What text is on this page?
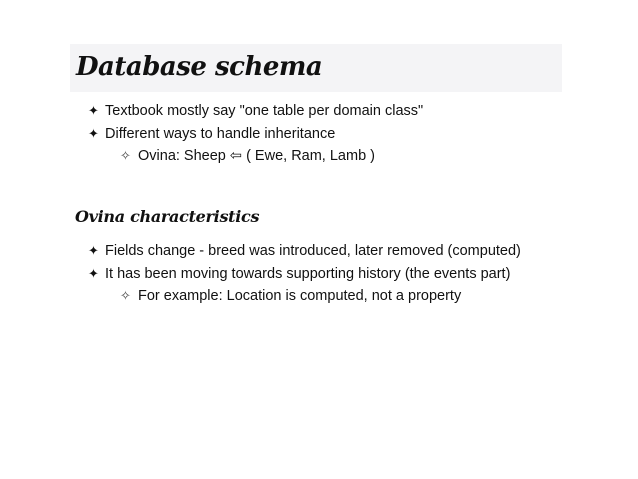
Database schema
✦ Textbook mostly say "one table per domain class"
✦ Different ways to handle inheritance
✧ Ovina: Sheep ⇦ ( Ewe, Ram, Lamb )
Ovina characteristics
✦ Fields change - breed was introduced, later removed (computed)
✦ It has been moving towards supporting history (the events part)
✧ For example: Location is computed, not a property
